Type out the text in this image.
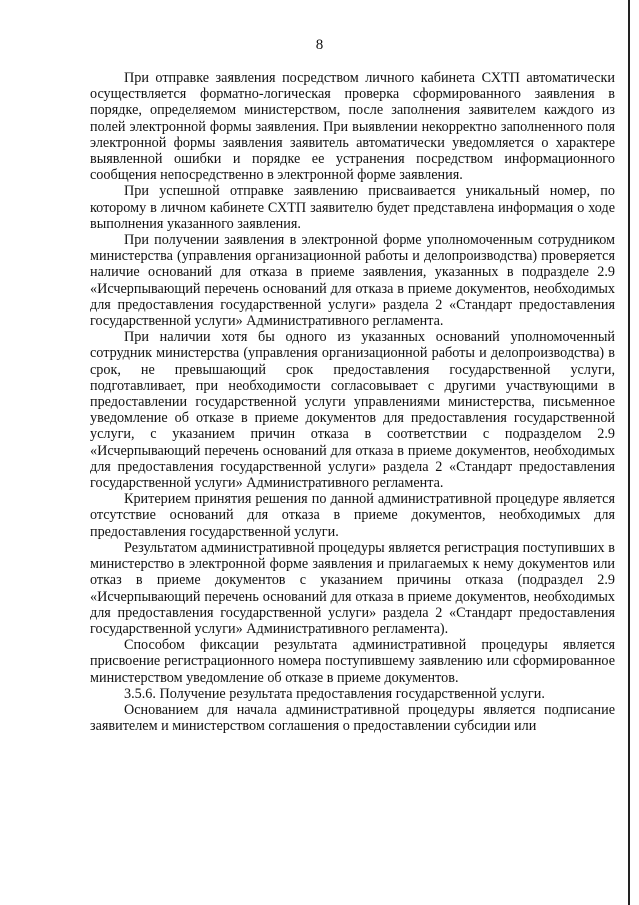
8

При отправке заявления посредством личного кабинета СХТП автоматически осуществляется форматно-логическая проверка сформированного заявления в порядке, определяемом министерством, после заполнения заявителем каждого из полей электронной формы заявления. При выявлении некорректно заполненного поля электронной формы заявления заявитель автоматически уведомляется о характере выявленной ошибки и порядке ее устранения посредством информационного сообщения непосредственно в электронной форме заявления.

При успешной отправке заявлению присваивается уникальный номер, по которому в личном кабинете СХТП заявителю будет представлена информация о ходе выполнения указанного заявления.

При получении заявления в электронной форме уполномоченным сотрудником министерства (управления организационной работы и делопроизводства) проверяется наличие оснований для отказа в приеме заявления, указанных в подразделе 2.9 «Исчерпывающий перечень оснований для отказа в приеме документов, необходимых для предоставления государственной услуги» раздела 2 «Стандарт предоставления государственной услуги» Административного регламента.

При наличии хотя бы одного из указанных оснований уполномоченный сотрудник министерства (управления организационной работы и делопроизводства) в срок, не превышающий срок предоставления государственной услуги, подготавливает, при необходимости согласовывает с другими участвующими в предоставлении государственной услуги управлениями министерства, письменное уведомление об отказе в приеме документов для предоставления государственной услуги, с указанием причин отказа в соответствии с подразделом 2.9 «Исчерпывающий перечень оснований для отказа в приеме документов, необходимых для предоставления государственной услуги» раздела 2 «Стандарт предоставления государственной услуги» Административного регламента.

Критерием принятия решения по данной административной процедуре является отсутствие оснований для отказа в приеме документов, необходимых для предоставления государственной услуги.

Результатом административной процедуры является регистрация поступивших в министерство в электронной форме заявления и прилагаемых к нему документов или отказ в приеме документов с указанием причины отказа (подраздел 2.9 «Исчерпывающий перечень оснований для отказа в приеме документов, необходимых для предоставления государственной услуги» раздела 2 «Стандарт предоставления государственной услуги» Административного регламента).

Способом фиксации результата административной процедуры является присвоение регистрационного номера поступившему заявлению или сформированное министерством уведомление об отказе в приеме документов.

3.5.6. Получение результата предоставления государственной услуги.

Основанием для начала административной процедуры является подписание заявителем и министерством соглашения о предоставлении субсидии или
